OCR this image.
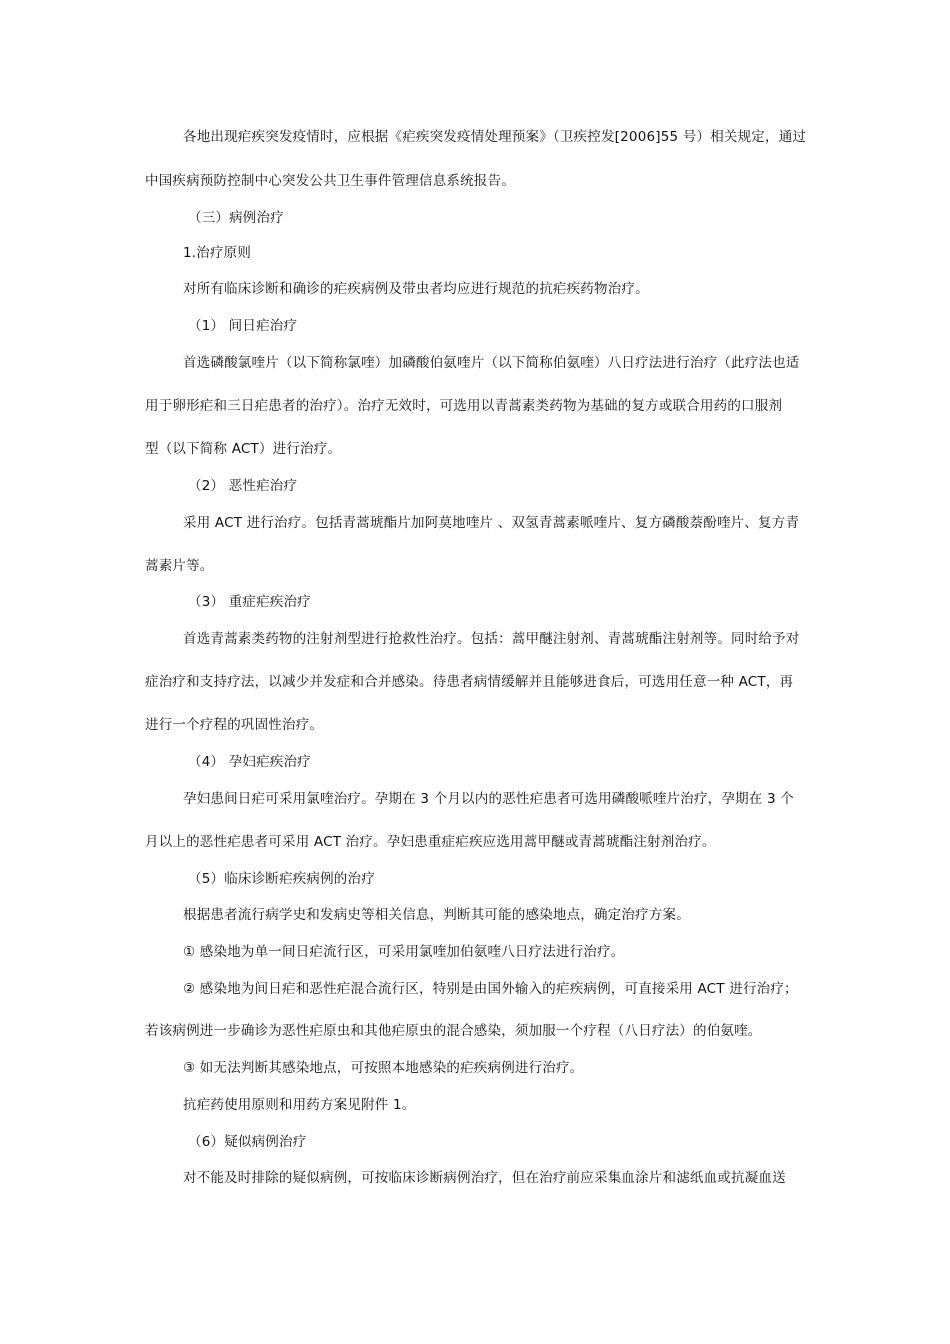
各地出现疟疾突发疫情时，应根据《疟疾突发疫情处理预案》（卫疾控发[2006]55 号）相关规定，通过

中国疾病预防控制中心突发公共卫生事件管理信息系统报告。

（三）病例治疗

1.治疗原则

对所有临床诊断和确诊的疟疾病例及带虫者均应进行规范的抗疟疾药物治疗。

（1） 间日疟治疗

首选磷酸氯喹片（以下简称氯喹）加磷酸伯氨喹片（以下简称伯氨喹）八日疗法进行治疗（此疗法也适

用于卵形疟和三日疟患者的治疗）。治疗无效时，可选用以青蒿素类药物为基础的复方或联合用药的口服剂

型（以下简称 ACT）进行治疗。

（2） 恶性疟治疗

采用 ACT 进行治疗。包括青蒿琥酯片加阿莫地喹片 、双氢青蒿素哌喹片、复方磷酸萘酚喹片、复方青

蒿素片等。

（3） 重症疟疾治疗

首选青蒿素类药物的注射剂型进行抢救性治疗。包括：蒿甲醚注射剂、青蒿琥酯注射剂等。同时给予对

症治疗和支持疗法，以减少并发症和合并感染。待患者病情缓解并且能够进食后，可选用任意一种 ACT，再

进行一个疗程的巩固性治疗。

（4） 孕妇疟疾治疗

孕妇患间日疟可采用氯喹治疗。孕期在 3 个月以内的恶性疟患者可选用磷酸哌喹片治疗，孕期在 3 个

月以上的恶性疟患者可采用 ACT 治疗。孕妇患重症疟疾应选用蒿甲醚或青蒿琥酯注射剂治疗。

（5）临床诊断疟疾病例的治疗

根据患者流行病学史和发病史等相关信息，判断其可能的感染地点，确定治疗方案。

① 感染地为单一间日疟流行区，可采用氯喹加伯氨喹八日疗法进行治疗。

② 感染地为间日疟和恶性疟混合流行区，特别是由国外输入的疟疾病例，可直接采用 ACT 进行治疗；

若该病例进一步确诊为恶性疟原虫和其他疟原虫的混合感染，须加服一个疗程（八日疗法）的伯氨喹。

③ 如无法判断其感染地点，可按照本地感染的疟疾病例进行治疗。

抗疟药使用原则和用药方案见附件 1。

（6）疑似病例治疗

对不能及时排除的疑似病例，可按临床诊断病例治疗，但在治疗前应采集血涂片和滤纸血或抗凝血送
